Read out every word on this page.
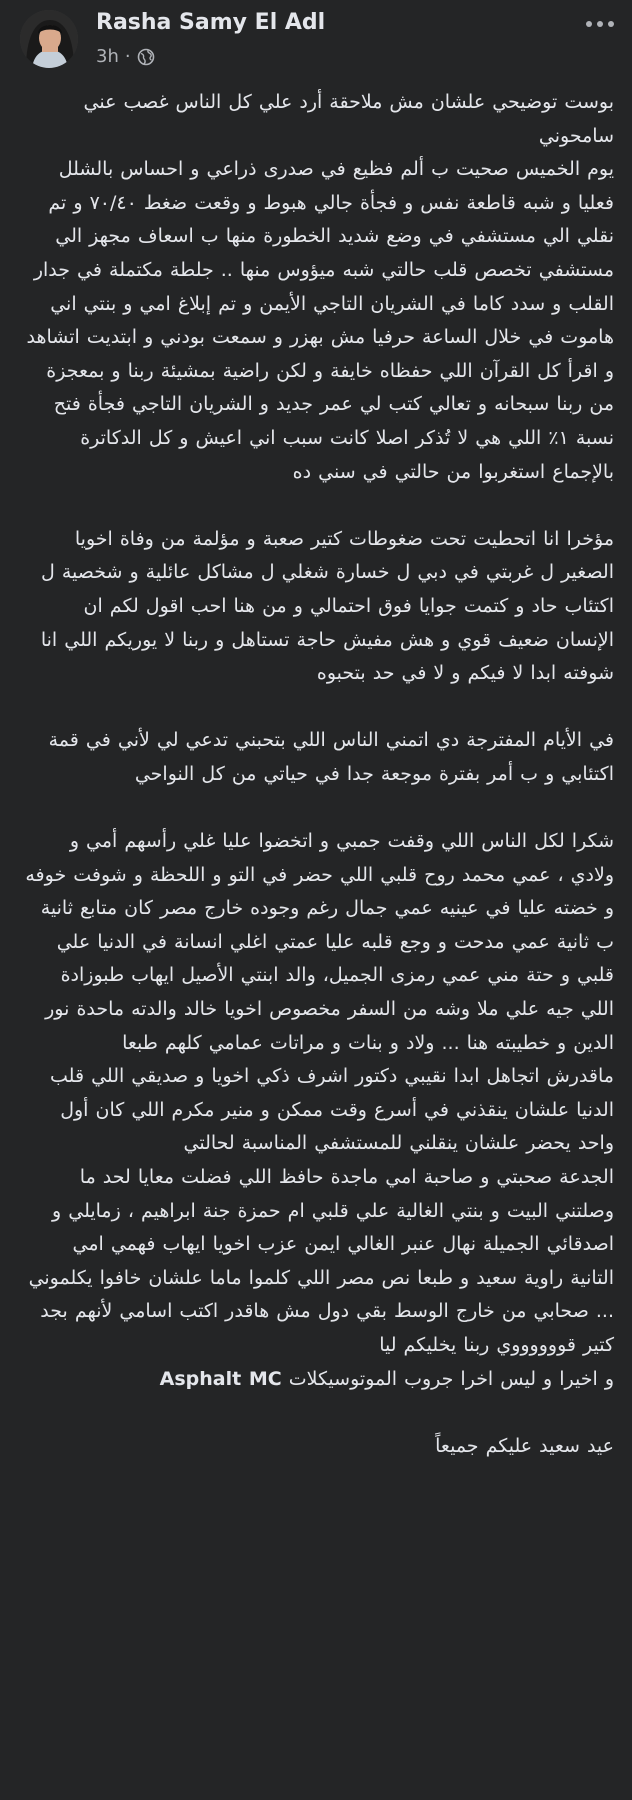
Rasha Samy El Adl
3h ·

بوست توضيحي علشان مش ملاحقة أرد علي كل الناس غصب عني سامحوني

يوم الخميس صحيت ب ألم فظيع في صدرى ذراعي و احساس بالشلل فعليا و شبه قاطعة نفس و فجأة جالي هبوط و وقعت ضغط ٧٠/٤٠ و تم نقلي الي مستشفي في وضع شديد الخطورة منها ب اسعاف مجهز الي مستشفي تخصص قلب حالتي شبه ميؤوس منها .. جلطة مكتملة في جدار القلب و سدد كاما في الشريان التاجي الأيمن و تم إبلاغ امي و بنتي اني هاموت في خلال الساعة حرفيا مش بهزر و سمعت بودني و ابتديت اتشاهد و اقرأ كل القرآن اللي حفظاه خايفة و لكن راضية بمشيئة ربنا و بمعجزة من ربنا سبحانه و تعالي كتب لي عمر جديد و الشريان التاجي فجأة فتح نسبة ١٪ اللي هي لا تُذكر اصلا كانت سبب اني اعيش و كل الدكاترة بالإجماع استغربوا من حالتي في سني ده

مؤخرا انا اتحطيت تحت ضغوطات كتير صعبة و مؤلمة من وفاة اخويا الصغير ل غربتي في دبي ل خسارة شغلي ل مشاكل عائلية و شخصية ل اكتئاب حاد و كتمت جوايا فوق احتمالي و من هنا احب اقول لكم ان الإنسان ضعيف قوي و هش مفيش حاجة تستاهل و ربنا لا يوريكم اللي انا شوفته ابدا لا فيكم و لا في حد بتحبوه

في الأيام المفترجة دي اتمني الناس اللي بتحبني تدعي لي لأني في قمة اكتئابي و ب أمر بفترة موجعة جدا في حياتي من كل النواحي

شكرا لكل الناس اللي وقفت جمبي و اتخضوا عليا غلي رأسهم أمي و ولادي ، عمي محمد روح قلبي اللي حضر في التو و اللحظة و شوفت خوفه و خضته عليا في عينيه عمي جمال رغم وجوده خارج مصر كان متابع ثانية ب ثانية عمي مدحت و وجع قلبه عليا عمتي اغلي انسانة في الدنيا علي قلبي و حتة مني عمي رمزى الجميل، والد ابنتي الأصيل ايهاب طبوزادة اللي جيه علي ملا وشه من السفر مخصوص اخويا خالد والدته ماحدة نور الدين و خطيبته هنا ... ولاد و بنات و مراتات عمامي كلهم طبعا

ماقدرش اتجاهل ابدا نقيبي دكتور اشرف ذكي اخويا و صديقي اللي قلب الدنيا علشان ينقذني في أسرع وقت ممكن و منير مكرم اللي كان أول واحد يحضر علشان ينقلني للمستشفي المناسبة لحالتي

الجدعة صحبتي و صاحبة امي ماجدة حافظ اللي فضلت معايا لحد ما وصلتني البيت و بنتي الغالية علي قلبي ام حمزة جنة ابراهيم ، زمايلي و اصدقائي الجميلة نهال عنبر الغالي ايمن عزب اخويا ايهاب فهمي امي التانية راوية سعيد و طبعا نص مصر اللي كلموا ماما علشان خافوا يكلموني ... صحابي من خارج الوسط بقي دول مش هاقدر اكتب اسامي لأنهم بجد كتير قووووووي ربنا يخليكم ليا

و اخيرا و ليس اخرا جروب الموتوسيكلات Asphalt MC

عيد سعيد عليكم جميعاً
